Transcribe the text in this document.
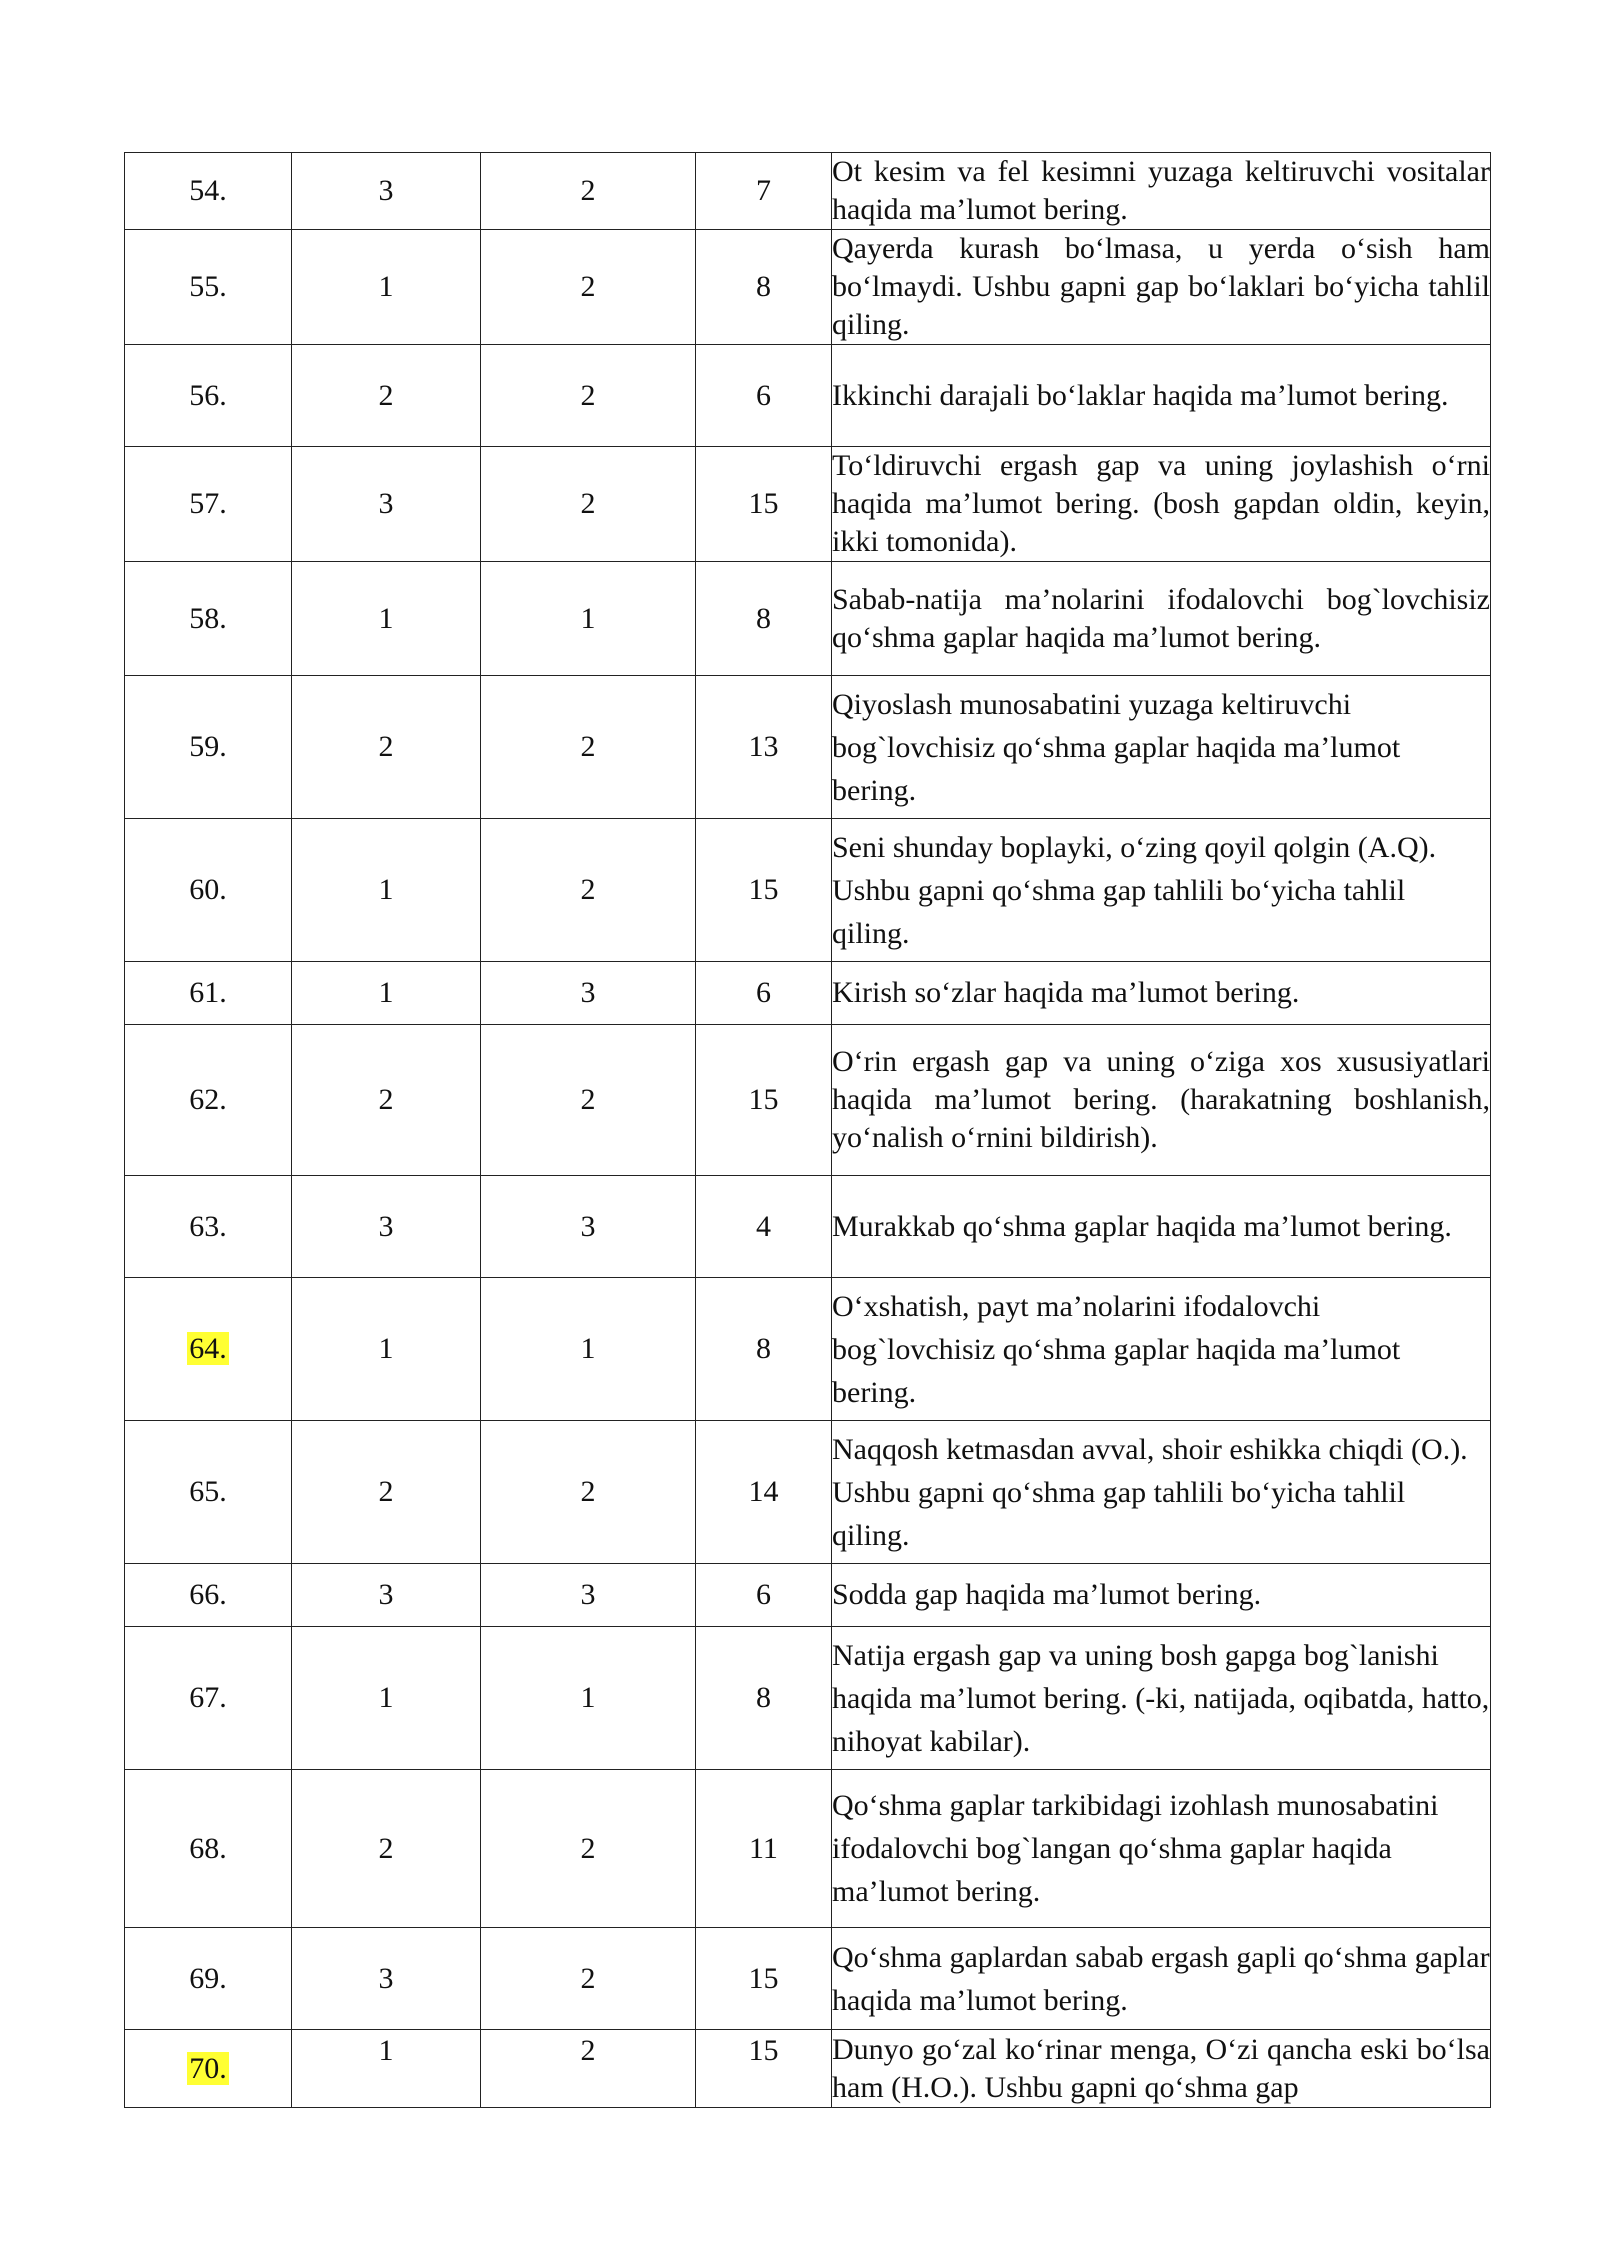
54.	3	2	7	Ot kesim va fel kesimni yuzaga keltiruvchi vositalar haqida ma’lumot bering.
55.	1	2	8	Qayerda kurash bo‘lmasa, u yerda o‘sish ham bo‘lmaydi. Ushbu gapni gap bo‘laklari bo‘yicha tahlil qiling.
56.	2	2	6	Ikkinchi darajali bo‘laklar haqida ma’lumot bering.
57.	3	2	15	To‘ldiruvchi ergash gap va uning joylashish o‘rni haqida ma’lumot bering. (bosh gapdan oldin, keyin, ikki tomonida).
58.	1	1	8	Sabab-natija ma’nolarini ifodalovchi bog`lovchisiz qo‘shma gaplar haqida ma’lumot bering.
59.	2	2	13	Qiyoslash munosabatini yuzaga keltiruvchi bog`lovchisiz qo‘shma gaplar haqida ma’lumot bering.
60.	1	2	15	Seni shunday boplayki, o‘zing qoyil qolgin (A.Q). Ushbu gapni qo‘shma gap tahlili bo‘yicha tahlil qiling.
61.	1	3	6	Kirish so‘zlar haqida ma’lumot bering.
62.	2	2	15	O‘rin ergash gap va uning o‘ziga xos xususiyatlari haqida ma’lumot bering. (harakatning boshlanish, yo‘nalish o‘rnini bildirish).
63.	3	3	4	Murakkab qo‘shma gaplar haqida ma’lumot bering.
64.	1	1	8	O‘xshatish, payt ma’nolarini ifodalovchi bog`lovchisiz qo‘shma gaplar haqida ma’lumot bering.
65.	2	2	14	Naqqosh ketmasdan avval, shoir eshikka chiqdi (O.). Ushbu gapni qo‘shma gap tahlili bo‘yicha tahlil qiling.
66.	3	3	6	Sodda gap haqida ma’lumot bering.
67.	1	1	8	Natija ergash gap va uning bosh gapga bog`lanishi haqida ma’lumot bering. (-ki, natijada, oqibatda, hatto, nihoyat kabilar).
68.	2	2	11	Qo‘shma gaplar tarkibidagi izohlash munosabatini ifodalovchi bog`langan qo‘shma gaplar haqida ma’lumot bering.
69.	3	2	15	Qo‘shma gaplardan sabab ergash gapli qo‘shma gaplar haqida ma’lumot bering.
70.	1	2	15	Dunyo go‘zal ko‘rinar menga, O‘zi qancha eski bo‘lsa ham (H.O.). Ushbu gapni qo‘shma gap
